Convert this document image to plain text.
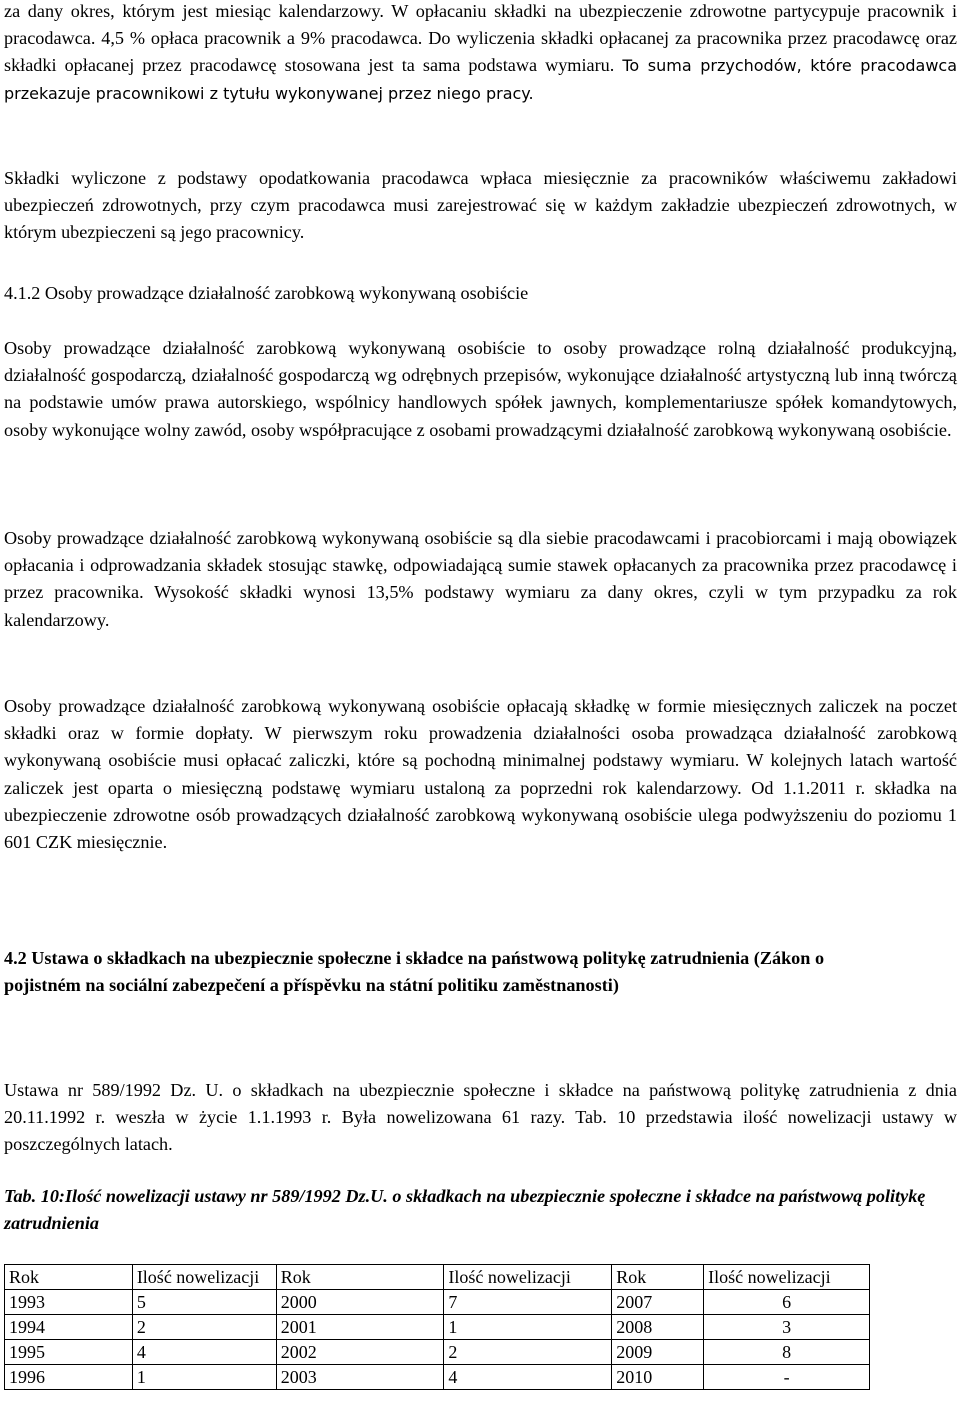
za dany okres, którym jest miesiąc kalendarzowy. W opłacaniu składki na ubezpieczenie zdrowotne partycypuje pracownik i pracodawca. 4,5 % opłaca pracownik a 9% pracodawca. Do wyliczenia składki opłacanej za pracownika przez pracodawcę oraz składki opłacanej przez pracodawcę stosowana jest ta sama podstawa wymiaru. To suma przychodów, które pracodawca przekazuje pracownikowi z tytułu wykonywanej przez niego pracy.

Składki wyliczone z podstawy opodatkowania pracodawca wpłaca miesięcznie za pracowników właściwemu zakładowi ubezpieczeń zdrowotnych, przy czym pracodawca musi zarejestrować się w każdym zakładzie ubezpieczeń zdrowotnych, w którym ubezpieczeni są jego pracownicy.

4.1.2 Osoby prowadzące działalność zarobkową wykonywaną osobiście

Osoby prowadzące działalność zarobkową wykonywaną osobiście to osoby prowadzące rolną działalność produkcyjną, działalność gospodarczą, działalność gospodarczą wg odrębnych przepisów, wykonujące działalność artystyczną lub inną twórczą na podstawie umów prawa autorskiego, wspólnicy handlowych spółek jawnych, komplementariusze spółek komandytowych, osoby wykonujące wolny zawód, osoby współpracujące z osobami prowadzącymi działalność zarobkową wykonywaną osobiście.

Osoby prowadzące działalność zarobkową wykonywaną osobiście są dla siebie pracodawcami i pracobiorcami i mają obowiązek opłacania i odprowadzania składek stosując stawkę, odpowiadającą sumie stawek opłacanych za pracownika przez pracodawcę i przez pracownika. Wysokość składki wynosi 13,5% podstawy wymiaru za dany okres, czyli w tym przypadku za rok kalendarzowy.

Osoby prowadzące działalność zarobkową wykonywaną osobiście opłacają składkę w formie miesięcznych zaliczek na poczet składki oraz w formie dopłaty. W pierwszym roku prowadzenia działalności osoba prowadząca działalność zarobkową wykonywaną osobiście musi opłacać zaliczki, które są pochodną minimalnej podstawy wymiaru. W kolejnych latach wartość zaliczek jest oparta o miesięczną podstawę wymiaru ustaloną za poprzedni rok kalendarzowy. Od 1.1.2011 r. składka na ubezpieczenie zdrowotne osób prowadzących działalność zarobkową wykonywaną osobiście ulega podwyższeniu do poziomu 1 601 CZK miesięcznie.

4.2 Ustawa o składkach na ubezpiecznie społeczne i składce na państwową politykę zatrudnienia (Zákon o pojistném na sociální zabezpečení a příspěvku na státní politiku zaměstnanosti)

Ustawa nr 589/1992 Dz. U. o składkach na ubezpiecznie społeczne i składce na państwową politykę zatrudnienia z dnia 20.11.1992 r. weszła w życie 1.1.1993 r. Była nowelizowana 61 razy. Tab. 10 przedstawia ilość nowelizacji ustawy w poszczególnych latach.

Tab. 10:Ilość nowelizacji ustawy nr 589/1992 Dz.U. o składkach na ubezpiecznie społeczne i składce na państwową politykę zatrudnienia

Rok	Ilość nowelizacji	Rok	Ilość nowelizacji	Rok	Ilość nowelizacji
1993	5	2000	7	2007	6
1994	2	2001	1	2008	3
1995	4	2002	2	2009	8
1996	1	2003	4	2010	-
